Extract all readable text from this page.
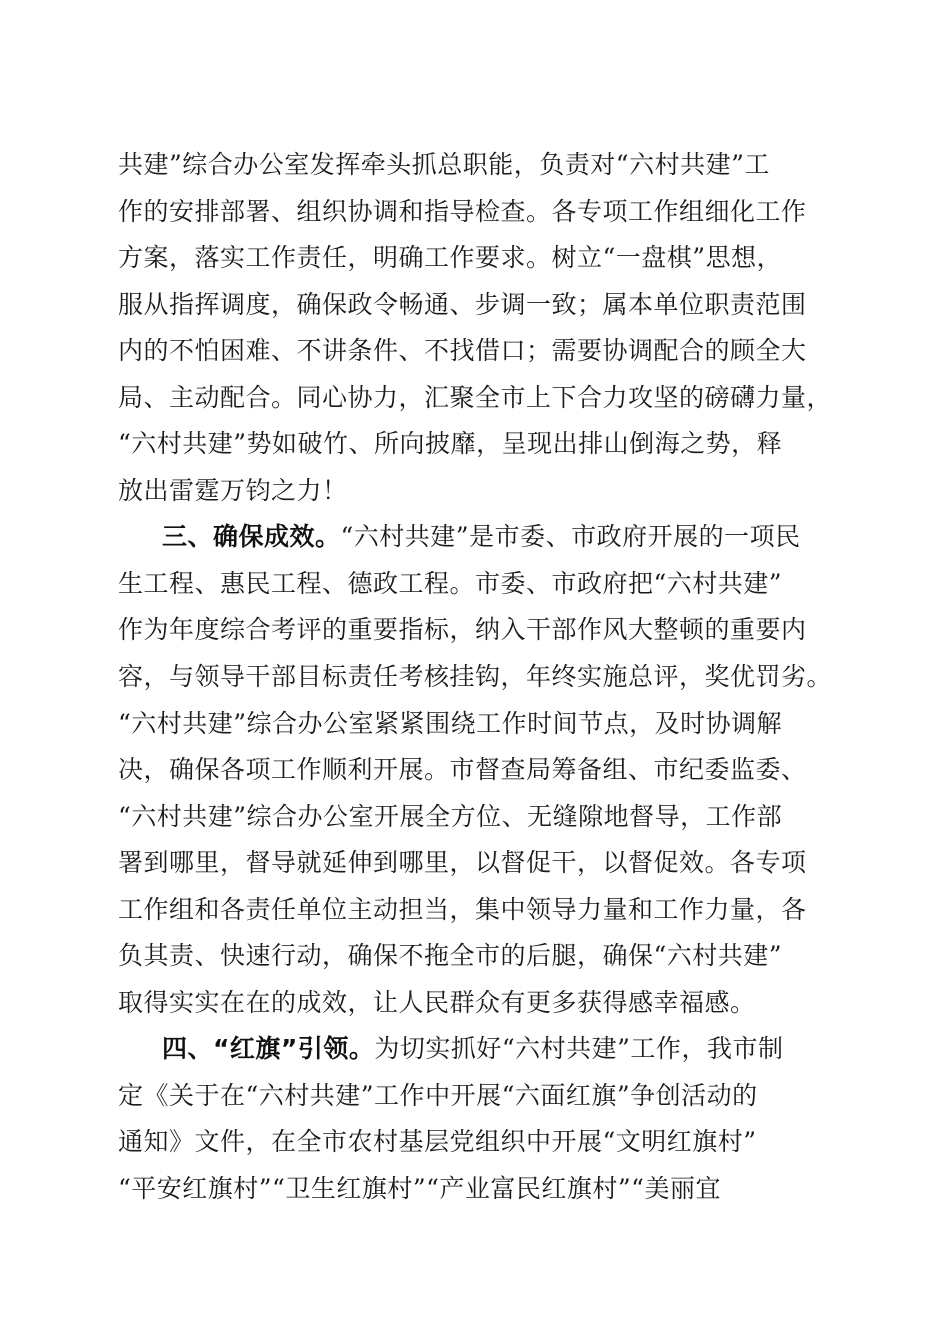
共建”综合办公室发挥牵头抓总职能，负责对“六村共建”工
作的安排部署、组织协调和指导检查。各专项工作组细化工作
方案，落实工作责任，明确工作要求。树立“一盘棋”思想，
服从指挥调度，确保政令畅通、步调一致；属本单位职责范围
内的不怕困难、不讲条件、不找借口；需要协调配合的顾全大
局、主动配合。同心协力，汇聚全市上下合力攻坚的磅礴力量，
“六村共建”势如破竹、所向披靡，呈现出排山倒海之势，释
放出雷霆万钧之力！
三、确保成效。“六村共建”是市委、市政府开展的一项民
生工程、惠民工程、德政工程。市委、市政府把“六村共建”
作为年度综合考评的重要指标，纳入干部作风大整顿的重要内
容，与领导干部目标责任考核挂钩，年终实施总评，奖优罚劣。
“六村共建”综合办公室紧紧围绕工作时间节点，及时协调解
决，确保各项工作顺利开展。市督查局筹备组、市纪委监委、
“六村共建”综合办公室开展全方位、无缝隙地督导，工作部
署到哪里，督导就延伸到哪里，以督促干，以督促效。各专项
工作组和各责任单位主动担当，集中领导力量和工作力量，各
负其责、快速行动，确保不拖全市的后腿，确保“六村共建”
取得实实在在的成效，让人民群众有更多获得感幸福感。
四、“红旗”引领。为切实抓好“六村共建”工作，我市制
定《关于在“六村共建”工作中开展“六面红旗”争创活动的
通知》文件，在全市农村基层党组织中开展“文明红旗村”
“平安红旗村”“卫生红旗村”“产业富民红旗村”“美丽宜
